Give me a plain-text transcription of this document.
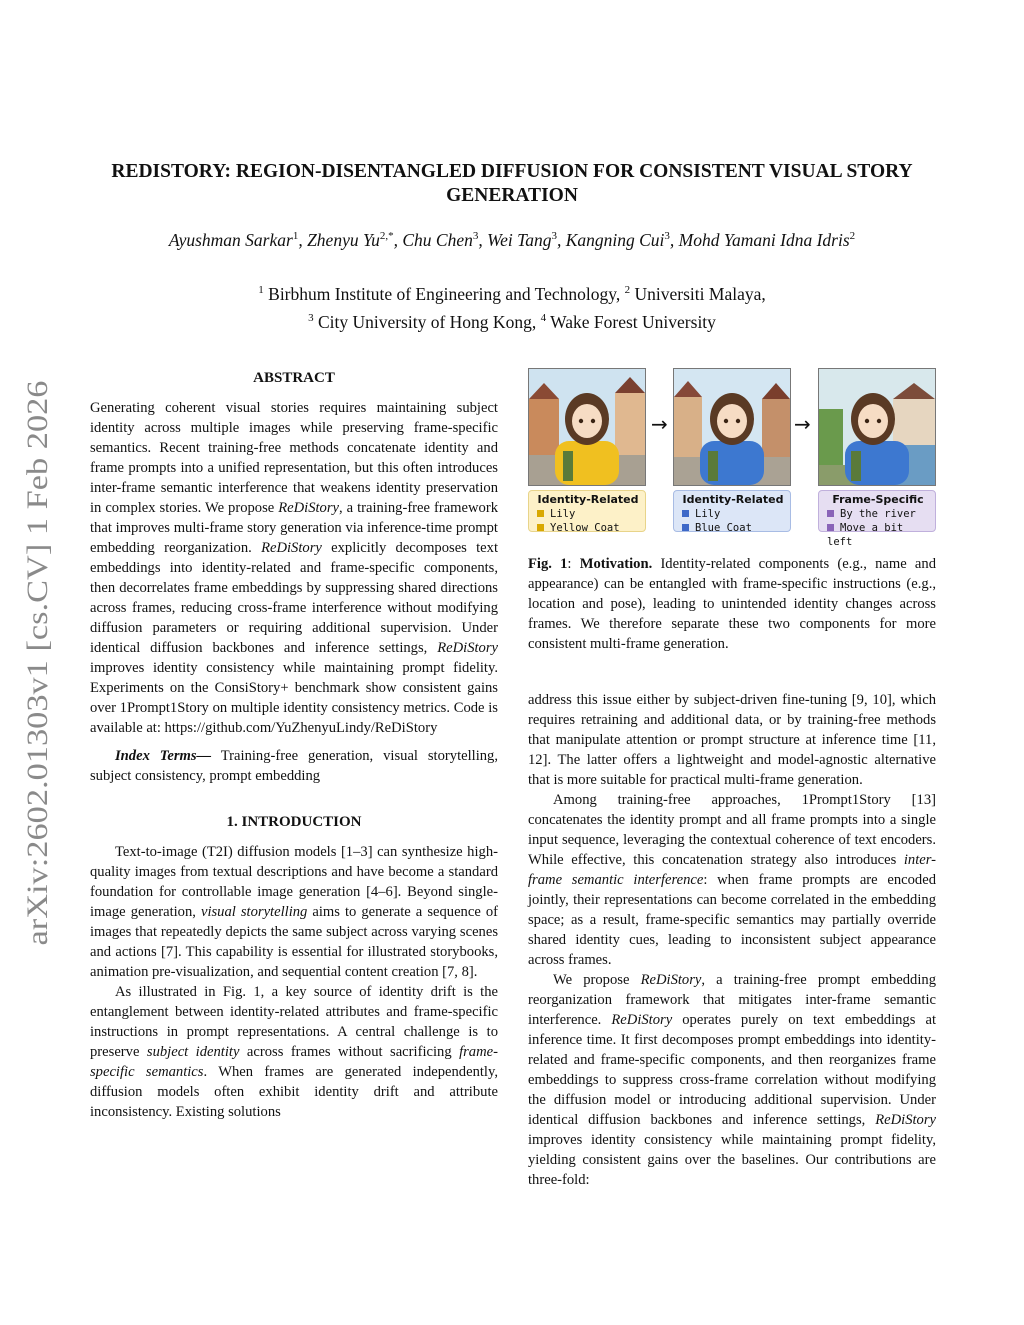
arXiv:2602.01303v1 [cs.CV] 1 Feb 2026
REDISTORY: REGION-DISENTANGLED DIFFUSION FOR CONSISTENT VISUAL STORY GENERATION
Ayushman Sarkar$^1$, Zhenyu $Yu^{2,*}$, Chu Chen$^3$, Wei Tang$^3$, Kangning Cui$^3$, Mohd Yamani Idna Idris$^2$
$^1$ Birbhum Institute of Engineering and Technology, $^2$ Universiti Malaya,
$^3$ City University of Hong Kong, $^4$ Wake Forest University
ABSTRACT

Generating coherent visual stories requires maintaining subject identity across multiple images while preserving frame-specific semantics. Recent training-free methods concatenate identity and frame prompts into a unified representation, but this often introduces inter-frame semantic interference that weakens identity preservation in complex stories. We propose ReDiStory, a training-free framework that improves multi-frame story generation via inference-time prompt embedding reorganization. ReDiStory explicitly decomposes text embeddings into identity-related and frame-specific components, then decorrelates frame embeddings by suppressing shared directions across frames, reducing cross-frame interference without modifying diffusion parameters or requiring additional supervision. Under identical diffusion backbones and inference settings, ReDiStory improves identity consistency while maintaining prompt fidelity. Experiments on the ConsiStory+ benchmark show consistent gains over 1Prompt1Story on multiple identity consistency metrics. Code is available at: https://github.com/YuZhenyuLindy/ReDiStory

Index Terms— Training-free generation, visual storytelling, subject consistency, prompt embedding

1. INTRODUCTION

Text-to-image (T2I) diffusion models [1–3] can synthesize high-quality images from textual descriptions and have become a standard foundation for controllable image generation [4–6]. Beyond single-image generation, visual storytelling aims to generate a sequence of images that repeatedly depicts the same subject across varying scenes and actions [7]. This capability is essential for illustrated storybooks, animation pre-visualization, and sequential content creation [7, 8].

As illustrated in Fig. 1, a key source of identity drift is the entanglement between identity-related attributes and frame-specific instructions in prompt representations. A central challenge is to preserve subject identity across frames without sacrificing frame-specific semantics. When frames are generated independently, diffusion models often exhibit identity drift and attribute inconsistency. Existing solutions

Identity-Related
Lily
Yellow Coat
→
Identity-Related
Lily
Blue Coat
→
Frame-Specific
By the river
Move a bit left
Fig. 1: Motivation. Identity-related components (e.g., name and appearance) can be entangled with frame-specific instructions (e.g., location and pose), leading to unintended identity changes across frames. We therefore separate these two components for more consistent multi-frame generation.

address this issue either by subject-driven fine-tuning [9, 10], which requires retraining and additional data, or by training-free methods that manipulate attention or prompt structure at inference time [11, 12]. The latter offers a lightweight and model-agnostic alternative that is more suitable for practical multi-frame generation.

Among training-free approaches, 1Prompt1Story [13] concatenates the identity prompt and all frame prompts into a single input sequence, leveraging the contextual coherence of text encoders. While effective, this concatenation strategy also introduces inter-frame semantic interference: when frame prompts are encoded jointly, their representations can become correlated in the embedding space; as a result, frame-specific semantics may partially override shared identity cues, leading to inconsistent subject appearance across frames.

We propose ReDiStory, a training-free prompt embedding reorganization framework that mitigates inter-frame semantic interference. ReDiStory operates purely on text embeddings at inference time. It first decomposes prompt embeddings into identity-related and frame-specific components, and then reorganizes frame embeddings to suppress cross-frame correlation without modifying the diffusion model or introducing additional supervision. Under identical diffusion backbones and inference settings, ReDiStory improves identity consistency while maintaining prompt fidelity, yielding consistent gains over the baselines. Our contributions are three-fold:
